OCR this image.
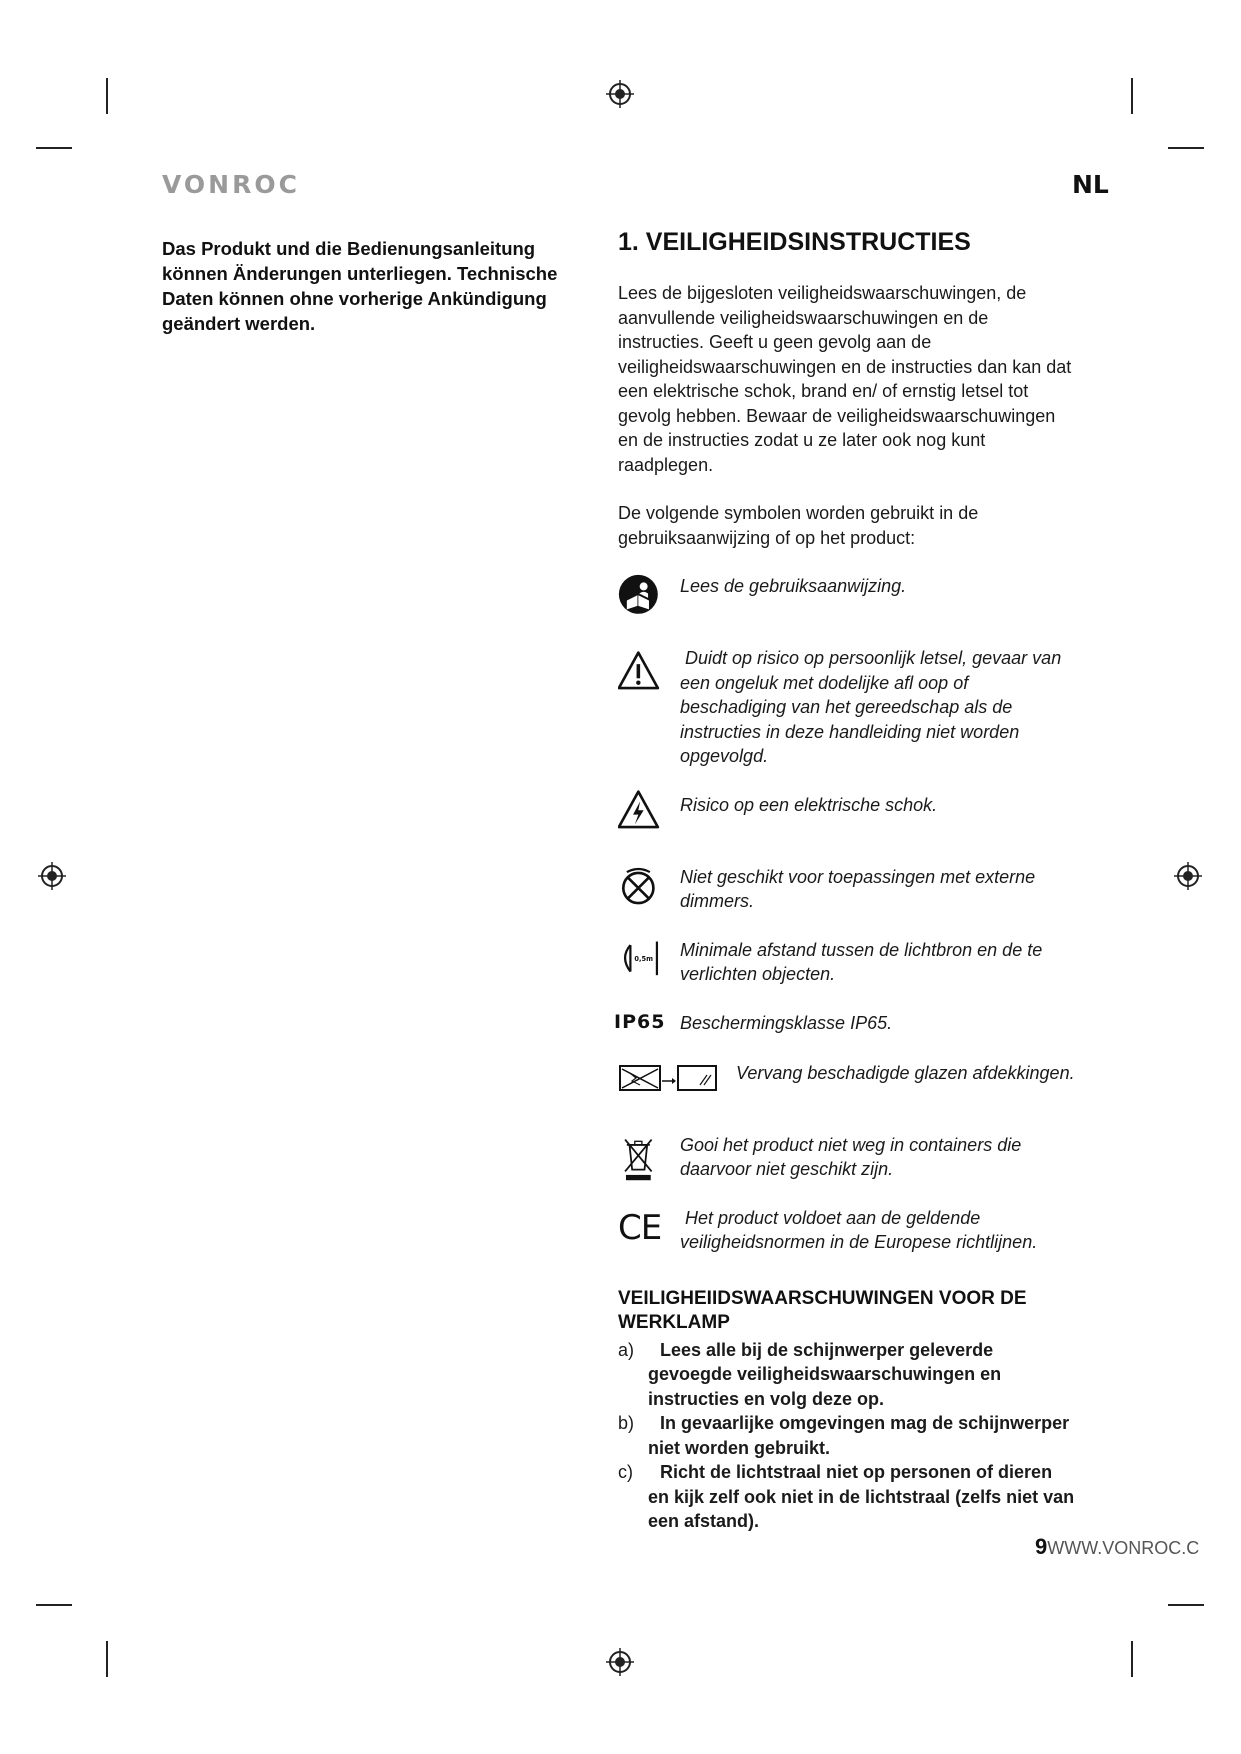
VONROC	NL
Das Produkt und die Bedienungsanleitung können Änderungen unterliegen. Technische Daten können ohne vorherige Ankündigung geändert werden.
1. VEILIGHEIDSINSTRUCTIES
Lees de bijgesloten veiligheidswaarschuwingen, de aanvullende veiligheidswaarschuwingen en de instructies. Geeft u geen gevolg aan de veiligheidswaarschuwingen en de instructies dan kan dat een elektrische schok, brand en/ of ernstig letsel tot gevolg hebben. Bewaar de veiligheidswaarschuwingen en de instructies zodat u ze later ook nog kunt raadplegen.
De volgende symbolen worden gebruikt in de gebruiksaanwijzing of op het product:
Lees de gebruiksaanwijzing.
Duidt op risico op persoonlijk letsel, gevaar van een ongeluk met dodelijke afl oop of beschadiging van het gereedschap als de instructies in deze handleiding niet worden opgevolgd.
Risico op een elektrische schok.
Niet geschikt voor toepassingen met externe dimmers.
0,5m Minimale afstand tussen de lichtbron en de te verlichten objecten.
IP65 Beschermingsklasse IP65.
Vervang beschadigde glazen afdekkingen.
Gooi het product niet weg in containers die daarvoor niet geschikt zijn.
CE	Het product voldoet aan de geldende veiligheidsnormen in de Europese richtlijnen.
VEILIGHEIIDSWAARSCHUWINGEN VOOR DE WERKLAMP
a)	Lees alle bij de schijnwerper geleverde gevoegde veiligheidswaarschuwingen en instructies en volg deze op.
b)	In gevaarlijke omgevingen mag de schijnwerper niet worden gebruikt.
c)	Richt de lichtstraal niet op personen of dieren en kijk zelf ook niet in de lichtstraal (zelfs niet van een afstand).
9WWW.VONROC.C
